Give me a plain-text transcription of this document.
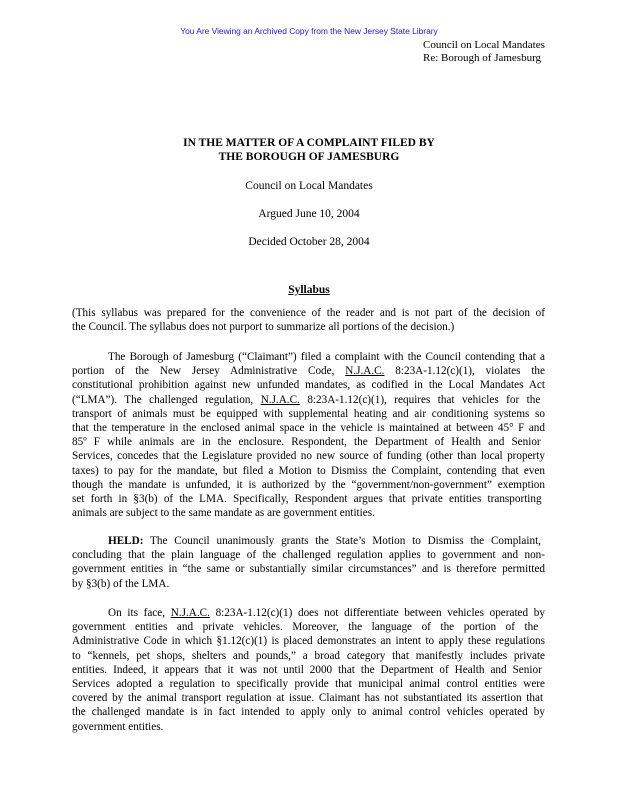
You Are Viewing an Archived Copy from the New Jersey State Library
Council on Local Mandates
Re: Borough of Jamesburg
IN THE MATTER OF A COMPLAINT FILED BY
THE BOROUGH OF JAMESBURG
Council on Local Mandates
Argued June 10, 2004
Decided October 28, 2004
Syllabus
(This syllabus was prepared for the convenience of the reader and is not part of the decision of
the Council. The syllabus does not purport to summarize all portions of the decision.)
The Borough of Jamesburg (“Claimant”) filed a complaint with the Council contending that a
portion of the New Jersey Administrative Code, N.J.A.C. 8:23A-1.12(c)(1), violates the
constitutional prohibition against new unfunded mandates, as codified in the Local Mandates Act
(“LMA”). The challenged regulation, N.J.A.C. 8:23A-1.12(c)(1), requires that vehicles for the
transport of animals must be equipped with supplemental heating and air conditioning systems so
that the temperature in the enclosed animal space in the vehicle is maintained at between 45° F and
85º F while animals are in the enclosure. Respondent, the Department of Health and Senior
Services, concedes that the Legislature provided no new source of funding (other than local property
taxes) to pay for the mandate, but filed a Motion to Dismiss the Complaint, contending that even
though the mandate is unfunded, it is authorized by the “government/non-government” exemption
set forth in §3(b) of the LMA. Specifically, Respondent argues that private entities transporting
animals are subject to the same mandate as are government entities.
HELD: The Council unanimously grants the State’s Motion to Dismiss the Complaint,
concluding that the plain language of the challenged regulation applies to government and non-
government entities in “the same or substantially similar circumstances” and is therefore permitted
by §3(b) of the LMA.
On its face, N.J.A.C. 8:23A-1.12(c)(1) does not differentiate between vehicles operated by
government entities and private vehicles. Moreover, the language of the portion of the
Administrative Code in which §1.12(c)(1) is placed demonstrates an intent to apply these regulations
to “kennels, pet shops, shelters and pounds,” a broad category that manifestly includes private
entities. Indeed, it appears that it was not until 2000 that the Department of Health and Senior
Services adopted a regulation to specifically provide that municipal animal control entities were
covered by the animal transport regulation at issue. Claimant has not substantiated its assertion that
the challenged mandate is in fact intended to apply only to animal control vehicles operated by
government entities.
